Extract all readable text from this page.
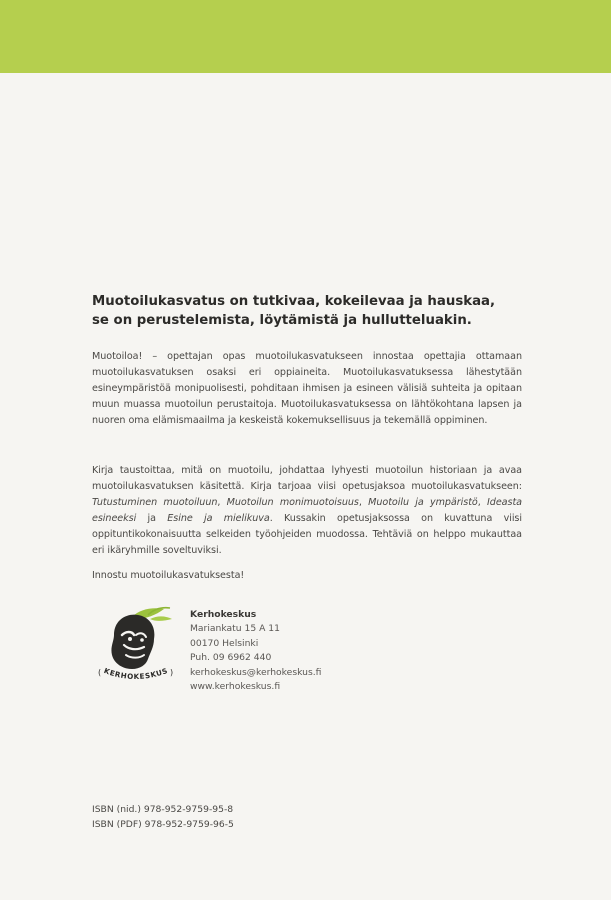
Muotoilukasvatus on tutkivaa, kokeilevaa ja hauskaa,
se on perustelemista, löytämistä ja hullutteluakin.

Muotoiloa! – opettajan opas muotoilukasvatukseen innostaa opettajia ottamaan muotoilukasvatuksen osaksi eri oppiaineita. Muotoilukasvatuksessa lähestytään esineympäristöä monipuolisesti, pohditaan ihmisen ja esineen välisiä suhteita ja opitaan muun muassa muotoilun perustaitoja. Muotoilukasvatuksessa on lähtökohtana lapsen ja nuoren oma elämismaailma ja keskeistä kokemuksellisuus ja tekemällä oppiminen.

Kirja taustoittaa, mitä on muotoilu, johdattaa lyhyesti muotoilun historiaan ja avaa muotoilukasvatuksen käsitettä. Kirja tarjoaa viisi opetusjaksoa muotoilukasvatukseen: Tutustuminen muotoiluun, Muotoilun monimuotoisuus, Muotoilu ja ympäristö, Ideasta esineeksi ja Esine ja mielikuva. Kussakin opetusjaksossa on kuvattuna viisi oppituntikokonaisuutta selkeiden työohjeiden muodossa. Tehtäviä on helppo mukauttaa eri ikäryhmille soveltuviksi.

Innostu muotoilukasvatuksesta!

KERHOKESKUS
(	)
Kerhokeskus
Mariankatu 15 A 11
00170 Helsinki
Puh. 09 6962 440
kerhokeskus@kerhokeskus.fi
www.kerhokeskus.fi
ISBN (nid.) 978-952-9759-95-8
ISBN (PDF) 978-952-9759-96-5
